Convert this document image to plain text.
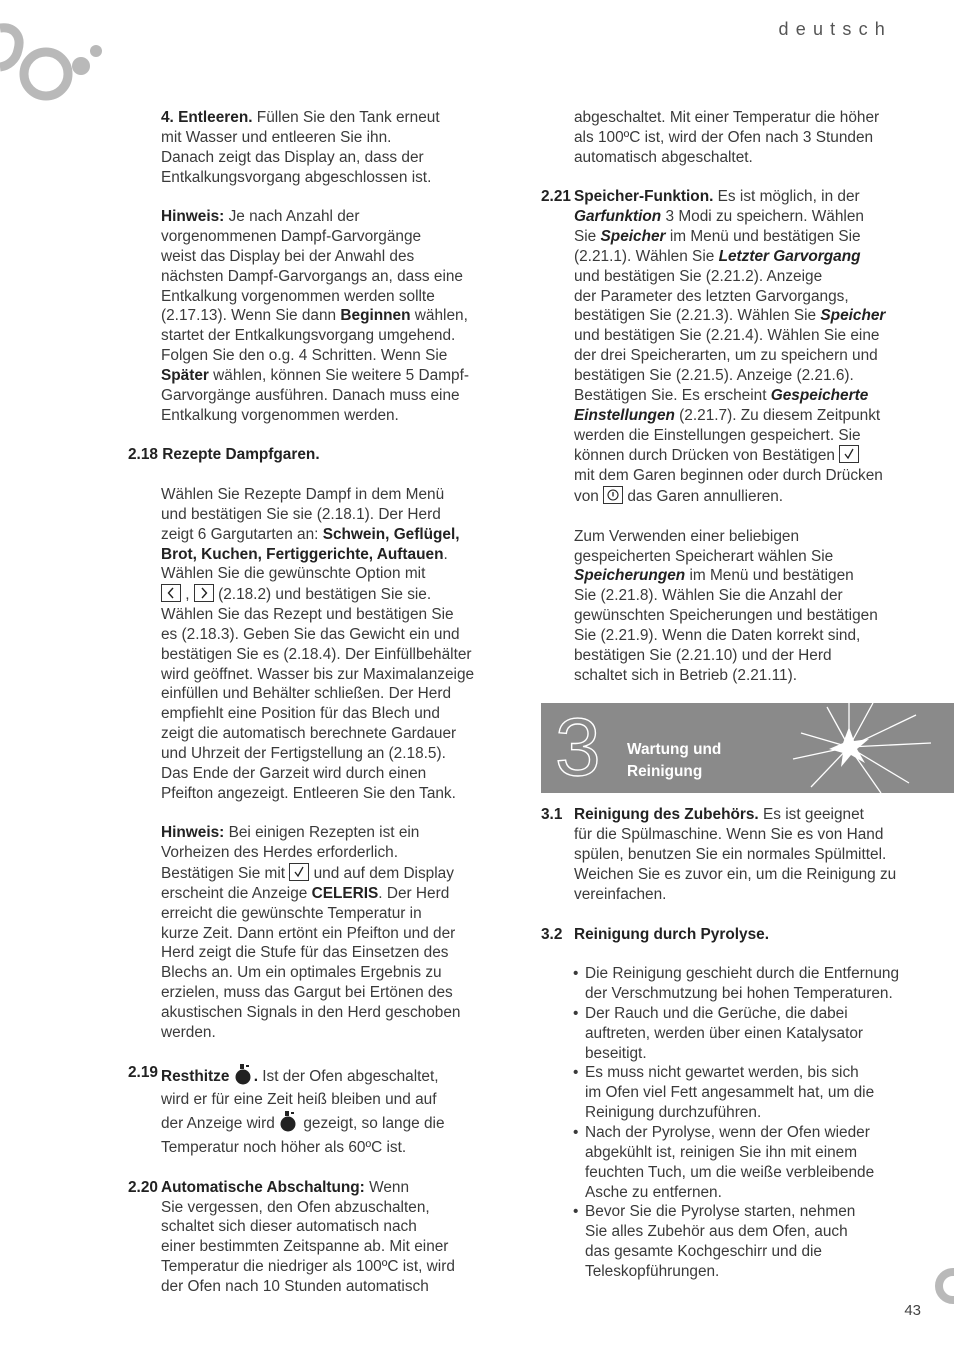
deutsch
43

4. Entleeren. Füllen Sie den Tank erneut

mit Wasser und entleeren Sie ihn.

Danach zeigt das Display an, dass der

Entkalkungsvorgang abgeschlossen ist.

Hinweis: Je nach Anzahl der

vorgenommenen Dampf-Garvorgänge

weist das Display bei der Anwahl des

nächsten Dampf-Garvorgangs an, dass eine

Entkalkung vorgenommen werden sollte

(2.17.13). Wenn Sie dann Beginnen wählen,

startet der Entkalkungsvorgang umgehend.

Folgen Sie den o.g. 4 Schritten. Wenn Sie

Später wählen, können Sie weitere 5 Dampf-

Garvorgänge ausführen. Danach muss eine

Entkalkung vorgenommen werden.

2.18 Rezepte Dampfgaren.

Wählen Sie Rezepte Dampf in dem Menü

und bestätigen Sie sie (2.18.1). Der Herd

zeigt 6 Gargutarten an: Schwein, Geflügel,

Brot, Kuchen, Fertiggerichte, Auftauen.

Wählen Sie die gewünschte Option mit

,
(2.18.2) und bestätigen Sie sie.

Wählen Sie das Rezept und bestätigen Sie

es (2.18.3). Geben Sie das Gewicht ein und

bestätigen Sie es (2.18.4). Der Einfüllbehälter

wird geöffnet. Wasser bis zur Maximalanzeige

einfüllen und Behälter schließen. Der Herd

empfiehlt eine Position für das Blech und

zeigt die automatisch berechnete Gardauer

und Uhrzeit der Fertigstellung an (2.18.5).

Das Ende der Garzeit wird durch einen

Pfeifton angezeigt. Entleeren Sie den Tank.

Hinweis: Bei einigen Rezepten ist ein

Vorheizen des Herdes erforderlich.

Bestätigen Sie mit
und auf dem Display

erscheint die Anzeige CELERIS. Der Herd

erreicht die gewünschte Temperatur in

kurze Zeit. Dann ertönt ein Pfeifton und der

Herd zeigt die Stufe für das Einsetzen des

Blechs an. Um ein optimales Ergebnis zu

erzielen, muss das Gargut bei Ertönen des

akustischen Signals in den Herd geschoben

werden.

2.19 Resthitze . Ist der Ofen abgeschaltet,

wird er für eine Zeit heiß bleiben und auf

der Anzeige wird  gezeigt, so lange die

Temperatur noch höher als 60ºC ist.

2.20 Automatische Abschaltung: Wenn

Sie vergessen, den Ofen abzuschalten,

schaltet sich dieser automatisch nach

einer bestimmten Zeitspanne ab. Mit einer

Temperatur die niedriger als 100ºC ist, wird

der Ofen nach 10 Stunden automatisch

abgeschaltet. Mit einer Temperatur die höher

als 100ºC ist, wird der Ofen nach 3 Stunden

automatisch abgeschaltet.

2.21 Speicher-Funktion. Es ist möglich, in der

Garfunktion 3 Modi zu speichern. Wählen

Sie Speicher im Menü und bestätigen Sie

(2.21.1). Wählen Sie Letzter Garvorgang

und bestätigen Sie (2.21.2). Anzeige

der Parameter des letzten Garvorgangs,

bestätigen Sie (2.21.3). Wählen Sie Speicher

und bestätigen Sie (2.21.4). Wählen Sie eine

der drei Speicherarten, um zu speichern und

bestätigen Sie (2.21.5). Anzeige (2.21.6).

Bestätigen Sie. Es erscheint Gespeicherte

Einstellungen (2.21.7). Zu diesem Zeitpunkt

werden die Einstellungen gespeichert. Sie

können durch Drücken von Bestätigen

mit dem Garen beginnen oder durch Drücken

von
das Garen annullieren.

Zum Verwenden einer beliebigen

gespeicherten Speicherart wählen Sie

Speicherungen im Menü und bestätigen

Sie (2.21.8). Wählen Sie die Anzahl der

gewünschten Speicherungen und bestätigen

Sie (2.21.9). Wenn die Daten korrekt sind,

bestätigen Sie (2.21.10) und der Herd

schaltet sich in Betrieb (2.21.11).

3 Wartung und
Reinigung
3.1 Reinigung des Zubehörs. Es ist geeignet

für die Spülmaschine. Wenn Sie es von Hand

spülen, benutzen Sie ein normales Spülmittel.

Weichen Sie es zuvor ein, um die Reinigung zu

vereinfachen.

3.2 Reinigung durch Pyrolyse.

• Die Reinigung geschieht durch die Entfernung

der Verschmutzung bei hohen Temperaturen.

• Der Rauch und die Gerüche, die dabei

auftreten, werden über einen Katalysator

beseitigt.

• Es muss nicht gewartet werden, bis sich

im Ofen viel Fett angesammelt hat, um die

Reinigung durchzuführen.

• Nach der Pyrolyse, wenn der Ofen wieder

abgekühlt ist, reinigen Sie ihn mit einem

feuchten Tuch, um die weiße verbleibende

Asche zu entfernen.

• Bevor Sie die Pyrolyse starten, nehmen

Sie alles Zubehör aus dem Ofen, auch

das gesamte Kochgeschirr und die

Teleskopführungen.
